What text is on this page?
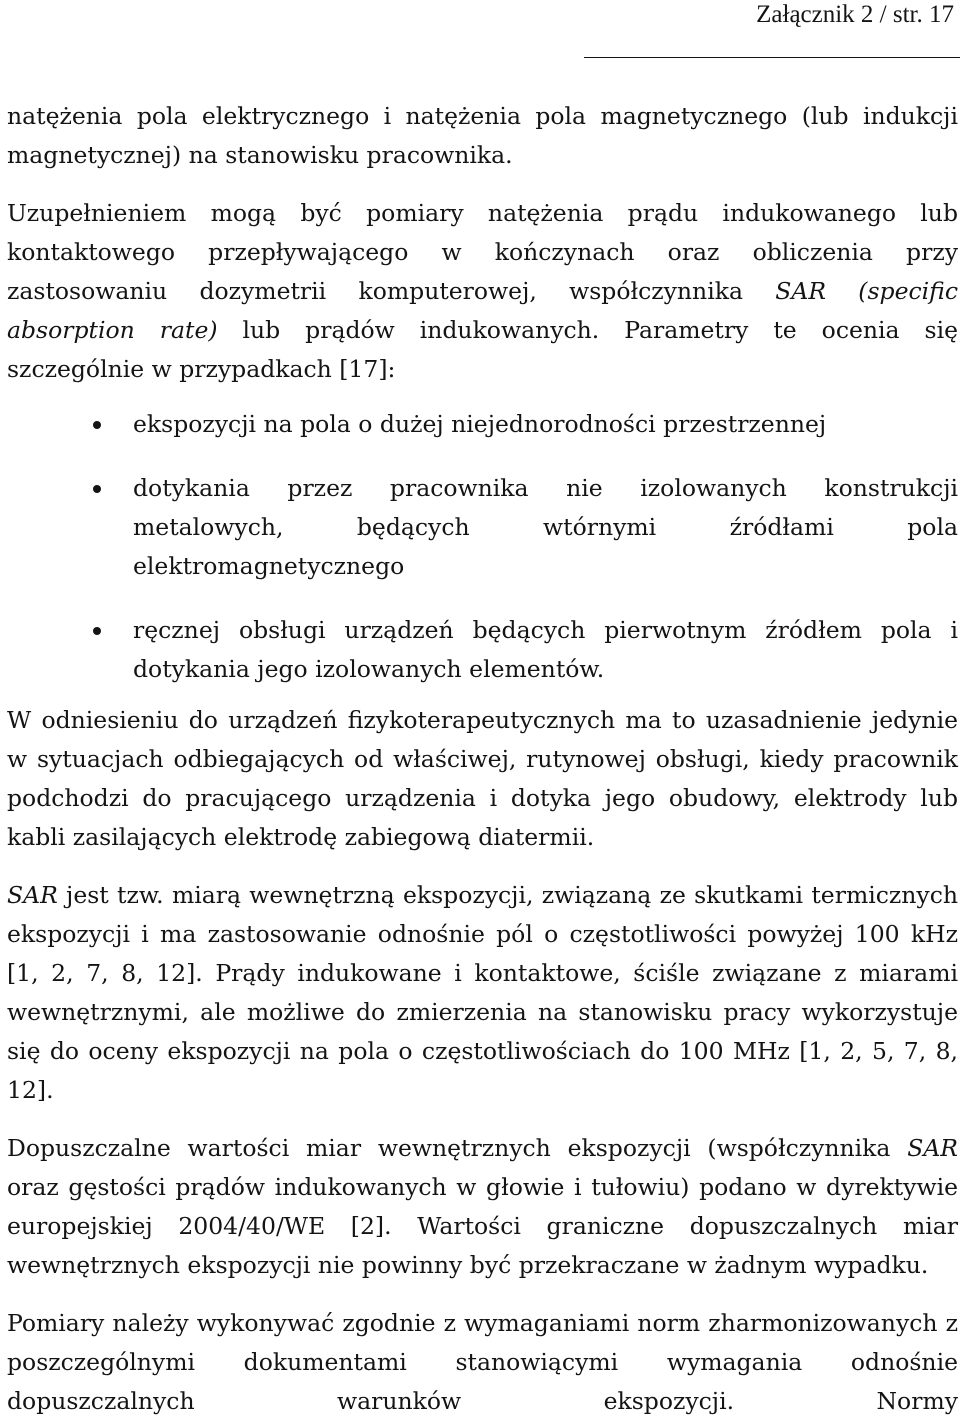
Załącznik 2 / str. 17

natężenia pola elektrycznego i natężenia pola magnetycznego (lub indukcji magnetycznej) na stanowisku pracownika.

Uzupełnieniem mogą być pomiary natężenia prądu indukowanego lub kontaktowego przepływającego w kończynach oraz obliczenia przy zastosowaniu dozymetrii komputerowej, współczynnika SAR (specific absorption rate) lub prądów indukowanych. Parametry te ocenia się szczególnie w przypadkach [17]:

ekspozycji na pola o dużej niejednorodności przestrzennej
dotykania przez pracownika nie izolowanych konstrukcji metalowych, będących wtórnymi źródłami pola elektromagnetycznego
ręcznej obsługi urządzeń będących pierwotnym źródłem pola i dotykania jego izolowanych elementów.

W odniesieniu do urządzeń fizykoterapeutycznych ma to uzasadnienie jedynie w sytuacjach odbiegających od właściwej, rutynowej obsługi, kiedy pracownik podchodzi do pracującego urządzenia i dotyka jego obudowy, elektrody lub kabli zasilających elektrodę zabiegową diatermii.

SAR jest tzw. miarą wewnętrzną ekspozycji, związaną ze skutkami termicznych ekspozycji i ma zastosowanie odnośnie pól o częstotliwości powyżej 100 kHz [1, 2, 7, 8, 12]. Prądy indukowane i kontaktowe, ściśle związane z miarami wewnętrznymi, ale możliwe do zmierzenia na stanowisku pracy wykorzystuje się do oceny ekspozycji na pola o częstotliwościach do 100 MHz [1, 2, 5, 7, 8, 12].

Dopuszczalne wartości miar wewnętrznych ekspozycji (współczynnika SAR oraz gęstości prądów indukowanych w głowie i tułowiu) podano w dyrektywie europejskiej 2004/40/WE [2]. Wartości graniczne dopuszczalnych miar wewnętrznych ekspozycji nie powinny być przekraczane w żadnym wypadku.

Pomiary należy wykonywać zgodnie z wymaganiami norm zharmonizowanych z poszczególnymi dokumentami stanowiącymi wymagania odnośnie dopuszczalnych warunków ekspozycji. Normy
